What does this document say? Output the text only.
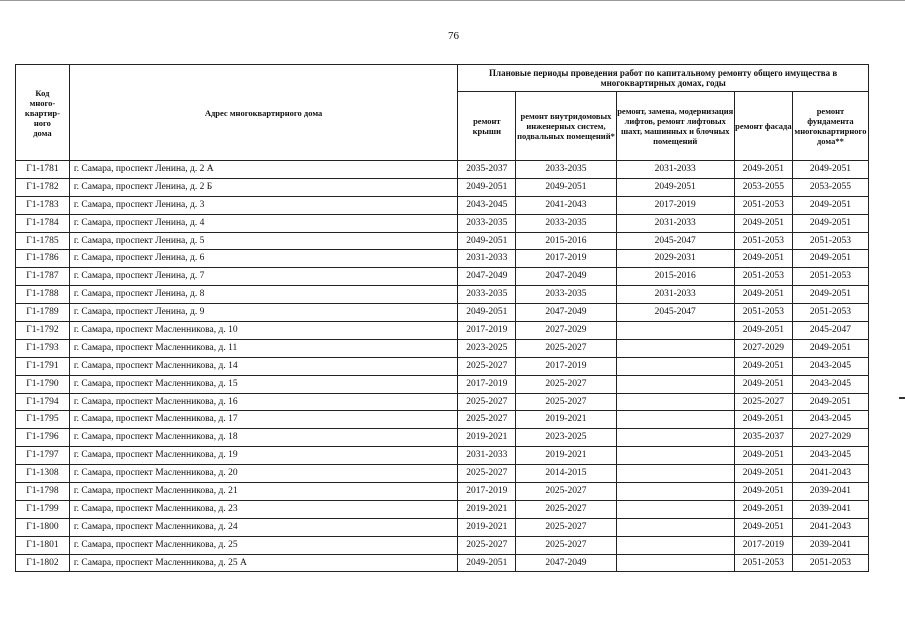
76
Код
много-
квартир-
ного
дома	Адрес многоквартирного дома	Плановые периоды проведения работ по капитальному ремонту общего имущества в многоквартирных домах, годы				
		ремонт крыши	ремонт внутридомовых инженерных систем, подвальных помещений*	ремонт, замена, модернизация лифтов, ремонт лифтовых шахт, машинных и блочных помещений	ремонт фасада	ремонт фундамента многоквартирного дома**
Г1-1781	г. Самара, проспект Ленина, д. 2 А	2035-2037	2033-2035	2031-2033	2049-2051	2049-2051
Г1-1782	г. Самара, проспект Ленина, д. 2 Б	2049-2051	2049-2051	2049-2051	2053-2055	2053-2055
Г1-1783	г. Самара, проспект Ленина, д. 3	2043-2045	2041-2043	2017-2019	2051-2053	2049-2051
Г1-1784	г. Самара, проспект Ленина, д. 4	2033-2035	2033-2035	2031-2033	2049-2051	2049-2051
Г1-1785	г. Самара, проспект Ленина, д. 5	2049-2051	2015-2016	2045-2047	2051-2053	2051-2053
Г1-1786	г. Самара, проспект Ленина, д. 6	2031-2033	2017-2019	2029-2031	2049-2051	2049-2051
Г1-1787	г. Самара, проспект Ленина, д. 7	2047-2049	2047-2049	2015-2016	2051-2053	2051-2053
Г1-1788	г. Самара, проспект Ленина, д. 8	2033-2035	2033-2035	2031-2033	2049-2051	2049-2051
Г1-1789	г. Самара, проспект Ленина, д. 9	2049-2051	2047-2049	2045-2047	2051-2053	2051-2053
Г1-1792	г. Самара, проспект Масленникова, д. 10	2017-2019	2027-2029		2049-2051	2045-2047
Г1-1793	г. Самара, проспект Масленникова, д. 11	2023-2025	2025-2027		2027-2029	2049-2051
Г1-1791	г. Самара, проспект Масленникова, д. 14	2025-2027	2017-2019		2049-2051	2043-2045
Г1-1790	г. Самара, проспект Масленникова, д. 15	2017-2019	2025-2027		2049-2051	2043-2045
Г1-1794	г. Самара, проспект Масленникова, д. 16	2025-2027	2025-2027		2025-2027	2049-2051
Г1-1795	г. Самара, проспект Масленникова, д. 17	2025-2027	2019-2021		2049-2051	2043-2045
Г1-1796	г. Самара, проспект Масленникова, д. 18	2019-2021	2023-2025		2035-2037	2027-2029
Г1-1797	г. Самара, проспект Масленникова, д. 19	2031-2033	2019-2021		2049-2051	2043-2045
Г1-1308	г. Самара, проспект Масленникова, д. 20	2025-2027	2014-2015		2049-2051	2041-2043
Г1-1798	г. Самара, проспект Масленникова, д. 21	2017-2019	2025-2027		2049-2051	2039-2041
Г1-1799	г. Самара, проспект Масленникова, д. 23	2019-2021	2025-2027		2049-2051	2039-2041
Г1-1800	г. Самара, проспект Масленникова, д. 24	2019-2021	2025-2027		2049-2051	2041-2043
Г1-1801	г. Самара, проспект Масленникова, д. 25	2025-2027	2025-2027		2017-2019	2039-2041
Г1-1802	г. Самара, проспект Масленникова, д. 25 А	2049-2051	2047-2049		2051-2053	2051-2053
